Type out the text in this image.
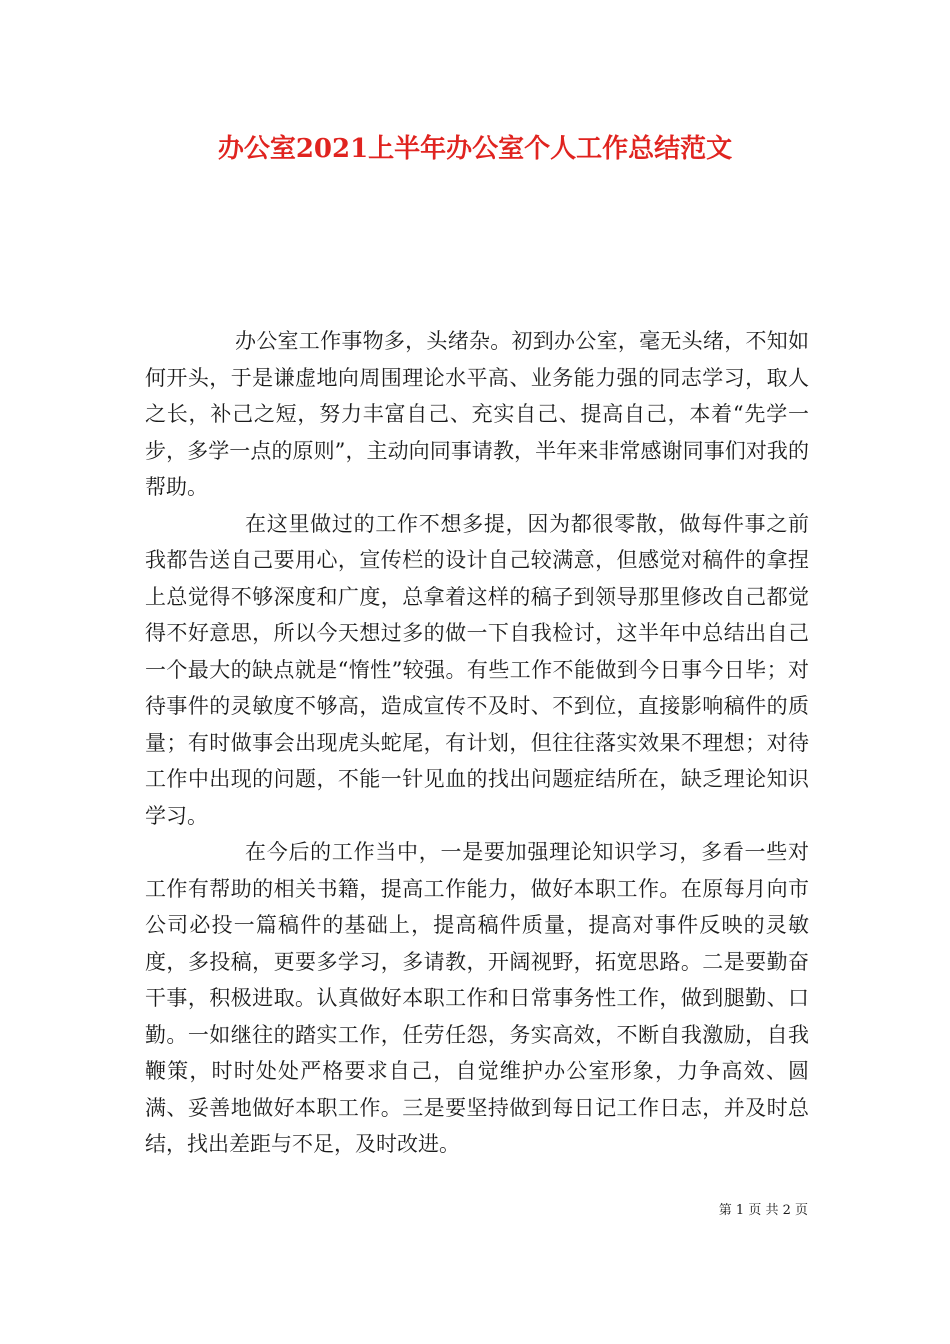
办公室2021上半年办公室个人工作总结范文

办公室工作事物多，头绪杂。初到办公室，毫无头绪，不知如何开头，于是谦虚地向周围理论水平高、业务能力强的同志学习，取人之长，补己之短，努力丰富自己、充实自己、提高自己，本着“先学一步，多学一点的原则”，主动向同事请教，半年来非常感谢同事们对我的帮助。

在这里做过的工作不想多提，因为都很零散，做每件事之前我都告送自己要用心，宣传栏的设计自己较满意，但感觉对稿件的拿捏上总觉得不够深度和广度，总拿着这样的稿子到领导那里修改自己都觉得不好意思，所以今天想过多的做一下自我检讨，这半年中总结出自己一个最大的缺点就是“惰性”较强。有些工作不能做到今日事今日毕；对待事件的灵敏度不够高，造成宣传不及时、不到位，直接影响稿件的质量；有时做事会出现虎头蛇尾，有计划，但往往落实效果不理想；对待工作中出现的问题，不能一针见血的找出问题症结所在，缺乏理论知识学习。

在今后的工作当中，一是要加强理论知识学习，多看一些对工作有帮助的相关书籍，提高工作能力，做好本职工作。在原每月向市公司必投一篇稿件的基础上，提高稿件质量，提高对事件反映的灵敏度，多投稿，更要多学习，多请教，开阔视野，拓宽思路。二是要勤奋干事，积极进取。认真做好本职工作和日常事务性工作，做到腿勤、口勤。一如继往的踏实工作，任劳任怨，务实高效，不断自我激励，自我鞭策，时时处处严格要求自己，自觉维护办公室形象，力争高效、圆满、妥善地做好本职工作。三是要坚持做到每日记工作日志，并及时总结，找出差距与不足，及时改进。

第 1 页 共 2 页
